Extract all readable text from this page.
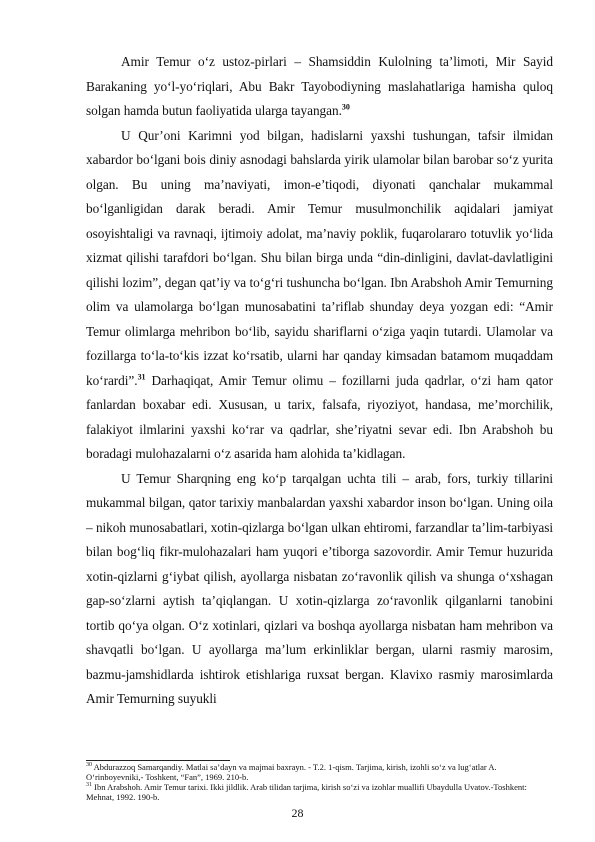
Amir Temur o‘z ustoz-pirlari – Shamsiddin Kulolning ta’limoti, Mir Sayid Barakaning yo‘l-yo‘riqlari, Abu Bakr Tayobodiyning maslahatlariga hamisha quloq solgan hamda butun faoliyatida ularga tayangan.$^{30}$

U Qur’oni Karimni yod bilgan, hadislarni yaxshi tushungan, tafsir ilmidan xabardor bo‘lgani bois diniy asnodagi bahslarda yirik ulamolar bilan barobar so‘z yurita olgan. Bu uning ma’naviyati, imon-e’tiqodi, diyonati qanchalar mukammal bo‘lganligidan darak beradi. Amir Temur musulmonchilik aqidalari jamiyat osoyishtaligi va ravnaqi, ijtimoiy adolat, ma’naviy poklik, fuqarolararo totuvlik yo‘lida xizmat qilishi tarafdori bo‘lgan. Shu bilan birga unda “din-dinligini, davlat-davlatligini qilishi lozim”, degan qat’iy va to‘g‘ri tushuncha bo‘lgan. Ibn Arabshoh Amir Temurning olim va ulamolarga bo‘lgan munosabatini ta’riflab shunday deya yozgan edi: “Amir Temur olimlarga mehribon bo‘lib, sayidu shariflarni o‘ziga yaqin tutardi. Ulamolar va fozillarga to‘la-to‘kis izzat ko‘rsatib, ularni har qanday kimsadan batamom muqaddam ko‘rardi”.$^{31}$ Darhaqiqat, Amir Temur olimu – fozillarni juda qadrlar, o‘zi ham qator fanlardan boxabar edi. Xususan, u tarix, falsafa, riyoziyot, handasa, me’morchilik, falakiyot ilmlarini yaxshi ko‘rar va qadrlar, she’riyatni sevar edi. Ibn Arabshoh bu boradagi mulohazalarni o‘z asarida ham alohida ta’kidlagan.

U Temur Sharqning eng ko‘p tarqalgan uchta tili – arab, fors, turkiy tillarini mukammal bilgan, qator tarixiy manbalardan yaxshi xabardor inson bo‘lgan. Uning oila – nikoh munosabatlari, xotin-qizlarga bo‘lgan ulkan ehtiromi, farzandlar ta’lim-tarbiyasi bilan bog‘liq fikr-mulohazalari ham yuqori e’tiborga sazovordir. Amir Temur huzurida xotin-qizlarni g‘iybat qilish, ayollarga nisbatan zo‘ravonlik qilish va shunga o‘xshagan gap-so‘zlarni aytish ta’qiqlangan. U xotin-qizlarga zo‘ravonlik qilganlarni tanobini tortib qo‘ya olgan. O‘z xotinlari, qizlari va boshqa ayollarga nisbatan ham mehribon va shavqatli bo‘lgan. U ayollarga ma’lum erkinliklar bergan, ularni rasmiy marosim, bazmu-jamshidlarda ishtirok etishlariga ruxsat bergan. Klavixo rasmiy marosimlarda Amir Temurning suyukli

$^{30}$ Abdurazzoq Samarqandiy. Matlai sa’dayn va majmai baxrayn. - T.2. 1-qism. Tarjima, kirish, izohli so‘z va lug‘atlar A. O‘rinboyevniki,- Toshkent, “Fan”, 1969. 210-b.

$^{31}$ Ibn Arabshoh. Amir Temur tarixi. Ikki jildlik. Arab tilidan tarjima, kirish so‘zi va izohlar muallifi Ubaydulla Uvatov.-Toshkent: Mehnat, 1992. 190-b.

28
